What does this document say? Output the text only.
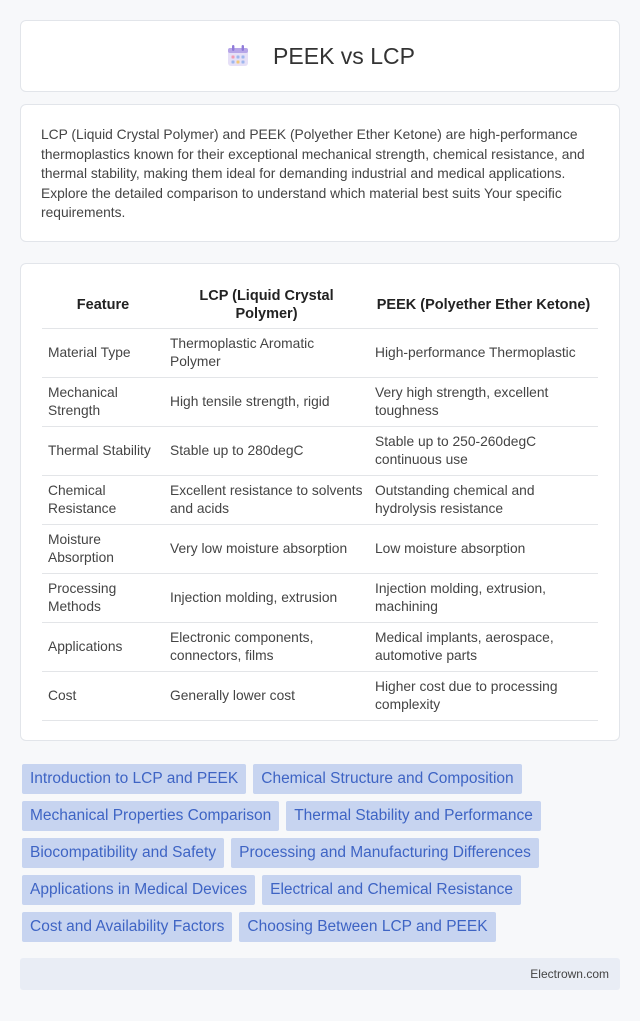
PEEK vs LCP

LCP (Liquid Crystal Polymer) and PEEK (Polyether Ether Ketone) are high-performance thermoplastics known for their exceptional mechanical strength, chemical resistance, and thermal stability, making them ideal for demanding industrial and medical applications. Explore the detailed comparison to understand which material best suits Your specific requirements.

Feature	LCP (Liquid Crystal Polymer)	PEEK (Polyether Ether Ketone)
Material Type	Thermoplastic Aromatic Polymer	High-performance Thermoplastic
Mechanical Strength	High tensile strength, rigid	Very high strength, excellent toughness
Thermal Stability	Stable up to 280degC	Stable up to 250-260degC continuous use
Chemical Resistance	Excellent resistance to solvents and acids	Outstanding chemical and hydrolysis resistance
Moisture Absorption	Very low moisture absorption	Low moisture absorption
Processing Methods	Injection molding, extrusion	Injection molding, extrusion, machining
Applications	Electronic components, connectors, films	Medical implants, aerospace, automotive parts
Cost	Generally lower cost	Higher cost due to processing complexity
Introduction to LCP and PEEK	Chemical Structure and Composition
Mechanical Properties Comparison	Thermal Stability and Performance
Biocompatibility and Safety	Processing and Manufacturing Differences
Applications in Medical Devices	Electrical and Chemical Resistance
Cost and Availability Factors	Choosing Between LCP and PEEK
Electrown.com
